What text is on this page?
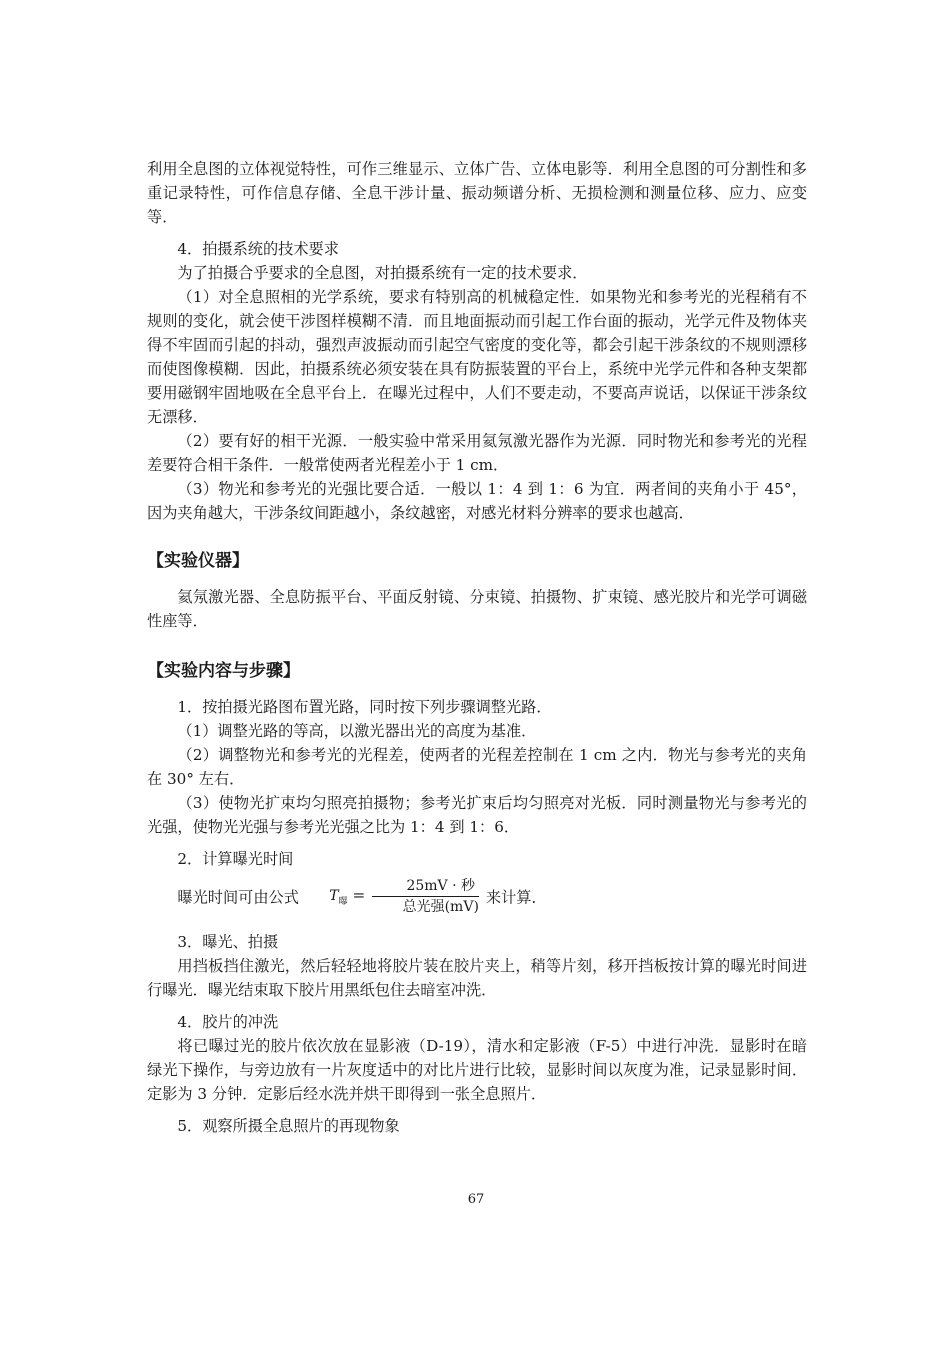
利用全息图的立体视觉特性，可作三维显示、立体广告、立体电影等．利用全息图的可分割性和多重记录特性，可作信息存储、全息干涉计量、振动频谱分析、无损检测和测量位移、应力、应变等．

4．拍摄系统的技术要求

为了拍摄合乎要求的全息图，对拍摄系统有一定的技术要求．

（1）对全息照相的光学系统，要求有特别高的机械稳定性．如果物光和参考光的光程稍有不规则的变化，就会使干涉图样模糊不清．而且地面振动而引起工作台面的振动，光学元件及物体夹得不牢固而引起的抖动，强烈声波振动而引起空气密度的变化等，都会引起干涉条纹的不规则漂移而使图像模糊．因此，拍摄系统必须安装在具有防振装置的平台上，系统中光学元件和各种支架都要用磁钢牢固地吸在全息平台上．在曝光过程中，人们不要走动，不要高声说话，以保证干涉条纹无漂移．

（2）要有好的相干光源．一般实验中常采用氦氖激光器作为光源．同时物光和参考光的光程差要符合相干条件．一般常使两者光程差小于 1 cm．

（3）物光和参考光的光强比要合适．一般以 1：4 到 1：6 为宜．两者间的夹角小于 45°，因为夹角越大，干涉条纹间距越小，条纹越密，对感光材料分辨率的要求也越高．

【实验仪器】

氦氖激光器、全息防振平台、平面反射镜、分束镜、拍摄物、扩束镜、感光胶片和光学可调磁性座等．

【实验内容与步骤】

1．按拍摄光路图布置光路，同时按下列步骤调整光路．

（1）调整光路的等高，以激光器出光的高度为基准．

（2）调整物光和参考光的光程差，使两者的光程差控制在 1 cm 之内．物光与参考光的夹角在 30° 左右．

（3）使物光扩束均匀照亮拍摄物；参考光扩束后均匀照亮对光板．同时测量物光与参考光的光强，使物光光强与参考光光强之比为 1：4 到 1：6．

2．计算曝光时间

曝光时间可由公式 $T_曝 = \frac{\text{25mV · 秒}}{\text{总光强(mV)}}$ 来计算．

3．曝光、拍摄

用挡板挡住激光，然后轻轻地将胶片装在胶片夹上，稍等片刻，移开挡板按计算的曝光时间进行曝光．曝光结束取下胶片用黑纸包住去暗室冲洗．

4．胶片的冲洗

将已曝过光的胶片依次放在显影液（D-19），清水和定影液（F-5）中进行冲洗．显影时在暗绿光下操作，与旁边放有一片灰度适中的对比片进行比较，显影时间以灰度为准，记录显影时间．定影为 3 分钟．定影后经水洗并烘干即得到一张全息照片．

5．观察所摄全息照片的再现物象

67
